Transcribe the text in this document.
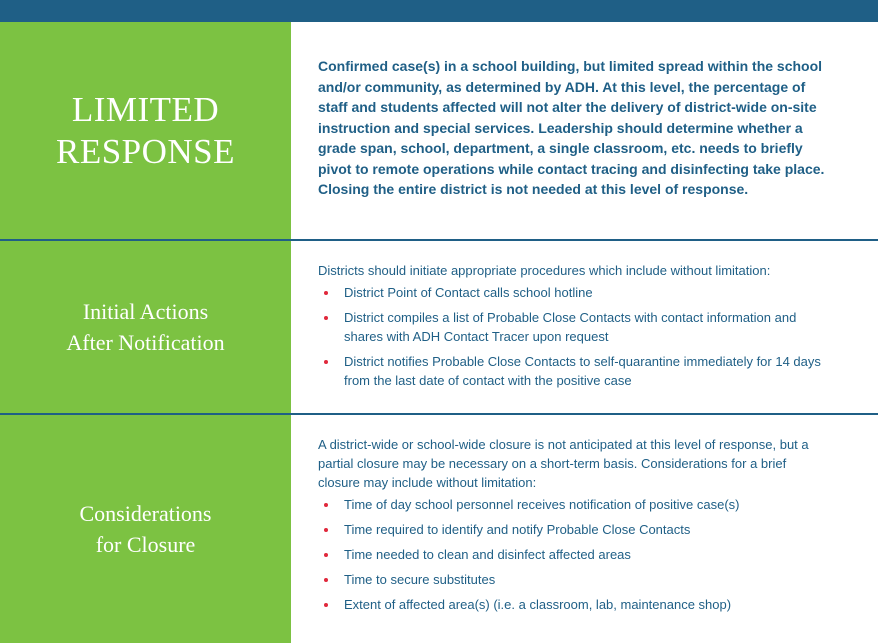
LIMITED
RESPONSE
Confirmed case(s) in a school building, but limited spread within the school and/or community, as determined by ADH. At this level, the percentage of staff and students affected will not alter the delivery of district-wide on-site instruction and special services. Leadership should determine whether a grade span, school, department, a single classroom, etc. needs to briefly pivot to remote operations while contact tracing and disinfecting take place. Closing the entire district is not needed at this level of response.
Initial Actions
After Notification
Districts should initiate appropriate procedures which include without limitation:
District Point of Contact calls school hotline
District compiles a list of Probable Close Contacts with contact information and shares with ADH Contact Tracer upon request
District notifies Probable Close Contacts to self-quarantine immediately for 14 days from the last date of contact with the positive case
Considerations
for Closure
A district-wide or school-wide closure is not anticipated at this level of response, but a partial closure may be necessary on a short-term basis. Considerations for a brief closure may include without limitation:
Time of day school personnel receives notification of positive case(s)
Time required to identify and notify Probable Close Contacts
Time needed to clean and disinfect affected areas
Time to secure substitutes
Extent of affected area(s) (i.e. a classroom, lab, maintenance shop)
